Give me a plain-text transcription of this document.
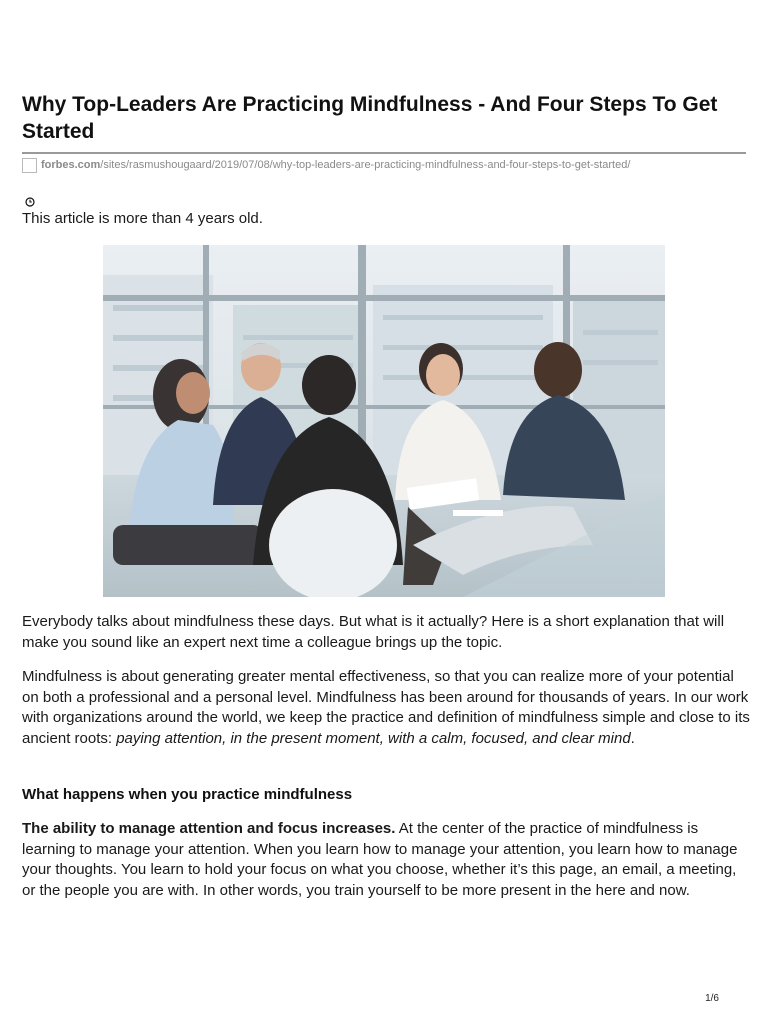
Why Top-Leaders Are Practicing Mindfulness - And Four Steps To Get Started
forbes.com /sites/rasmushougaard/2019/07/08/why-top-leaders-are-practicing-mindfulness-and-four-steps-to-get-started/
This article is more than 4 years old.

Everybody talks about mindfulness these days. But what is it actually? Here is a short explanation that will make you sound like an expert next time a colleague brings up the topic.

Mindfulness is about generating greater mental effectiveness, so that you can realize more of your potential on both a professional and a personal level. Mindfulness has been around for thousands of years. In our work with organizations around the world, we keep the practice and definition of mindfulness simple and close to its ancient roots: paying attention, in the present moment, with a calm, focused, and clear mind.

What happens when you practice mindfulness

The ability to manage attention and focus increases. At the center of the practice of mindfulness is learning to manage your attention. When you learn how to manage your attention, you learn how to manage your thoughts. You learn to hold your focus on what you choose, whether it’s this page, an email, a meeting, or the people you are with. In other words, you train yourself to be more present in the here and now.

1/6
